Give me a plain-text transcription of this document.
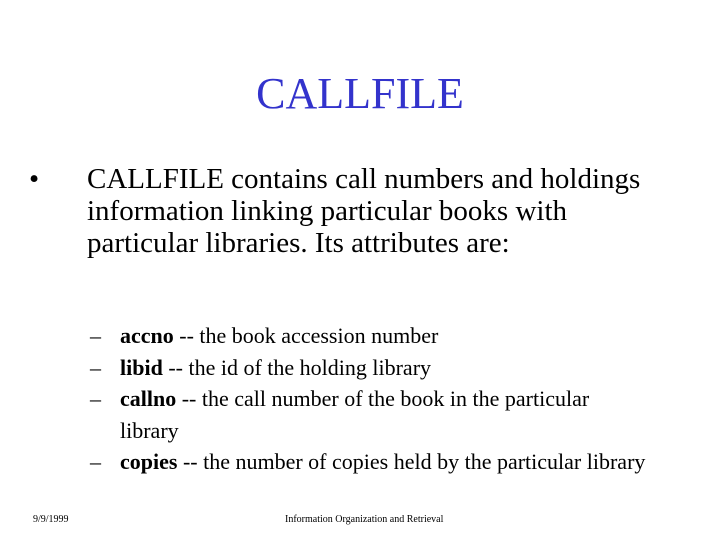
CALLFILE
•	CALLFILE contains call numbers and holdings information linking particular books with particular libraries. Its attributes are:
– accno -- the book accession number
– libid -- the id of the holding library
– callno -- the call number of the book in the particular library
– copies -- the number of copies held by the particular library
9/9/1999	Information Organization and Retrieval
